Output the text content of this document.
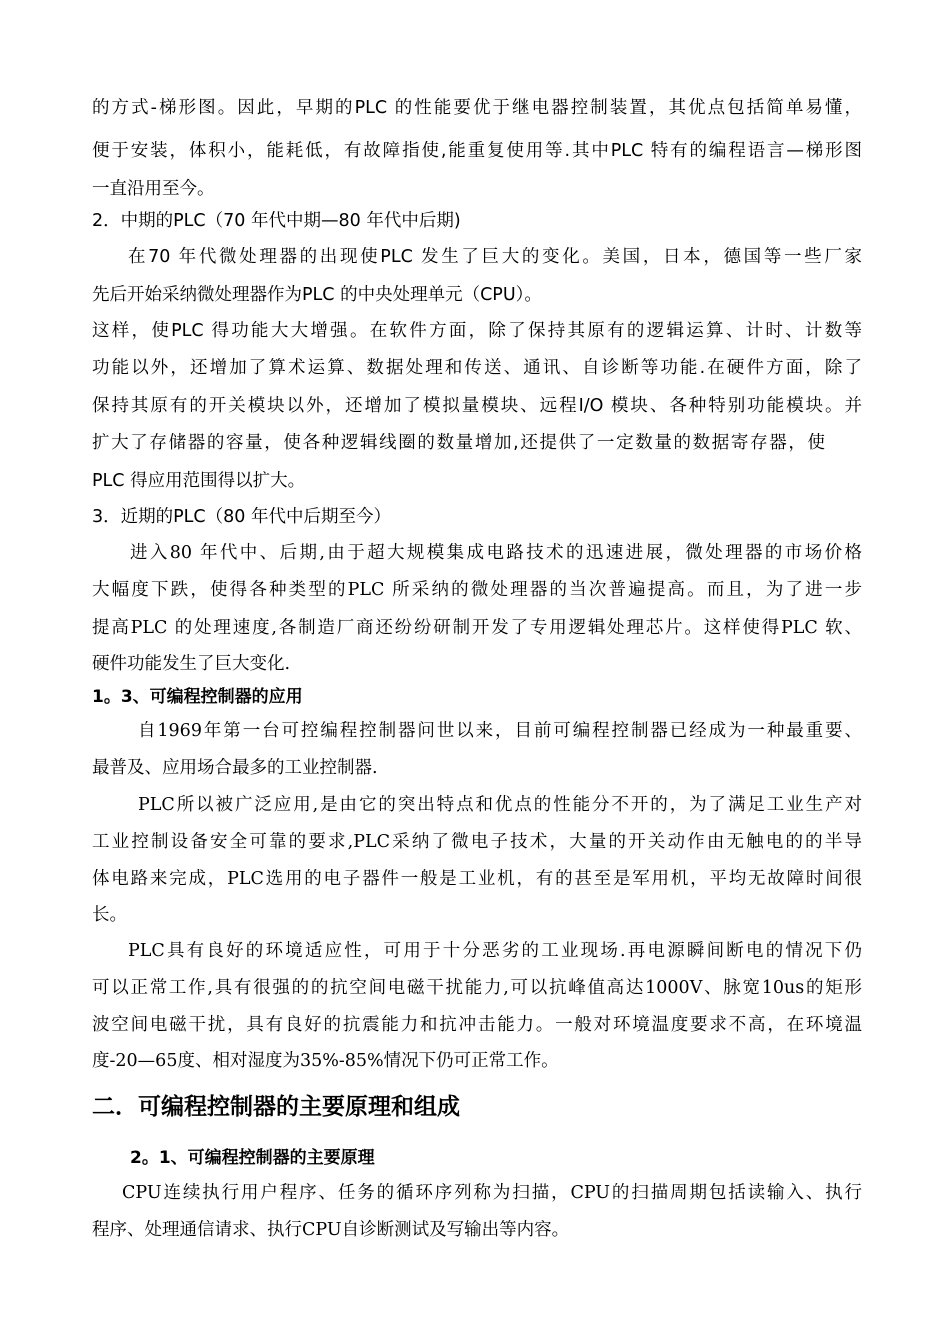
的方式-梯形图。因此，早期的PLC 的性能要优于继电器控制装置，其优点包括简单易懂，
便于安装，体积小，能耗低，有故障指使,能重复使用等.其中PLC 特有的编程语言—梯形图
一直沿用至今。
2．中期的PLC（70 年代中期—80 年代中后期)
在70 年代微处理器的出现使PLC 发生了巨大的变化。美国，日本，德国等一些厂家
先后开始采纳微处理器作为PLC 的中央处理单元（CPU）。
这样，使PLC 得功能大大增强。在软件方面，除了保持其原有的逻辑运算、计时、计数等
功能以外，还增加了算术运算、数据处理和传送、通讯、自诊断等功能.在硬件方面，除了
保持其原有的开关模块以外，还增加了模拟量模块、远程I/O 模块、各种特别功能模块。并
扩大了存储器的容量，使各种逻辑线圈的数量增加,还提供了一定数量的数据寄存器，使
PLC 得应用范围得以扩大。
3．近期的PLC（80 年代中后期至今）
进入80 年代中、后期,由于超大规模集成电路技术的迅速进展，微处理器的市场价格
大幅度下跌，使得各种类型的PLC 所采纳的微处理器的当次普遍提高。而且，为了进一步
提高PLC 的处理速度,各制造厂商还纷纷研制开发了专用逻辑处理芯片。这样使得PLC 软、
硬件功能发生了巨大变化.
1。3、可编程控制器的应用
自1969年第一台可控编程控制器问世以来，目前可编程控制器已经成为一种最重要、
最普及、应用场合最多的工业控制器.
PLC所以被广泛应用,是由它的突出特点和优点的性能分不开的，为了满足工业生产对
工业控制设备安全可靠的要求,PLC采纳了微电子技术，大量的开关动作由无触电的的半导
体电路来完成，PLC选用的电子器件一般是工业机，有的甚至是军用机，平均无故障时间很
长。
PLC具有良好的环境适应性，可用于十分恶劣的工业现场.再电源瞬间断电的情况下仍
可以正常工作,具有很强的的抗空间电磁干扰能力,可以抗峰值高达1000V、脉宽10us的矩形
波空间电磁干扰，具有良好的抗震能力和抗冲击能力。一般对环境温度要求不高，在环境温
度-20—65度、相对湿度为35%-85%情况下仍可正常工作。
二．可编程控制器的主要原理和组成
2。1、可编程控制器的主要原理
CPU连续执行用户程序、任务的循环序列称为扫描，CPU的扫描周期包括读输入、执行
程序、处理通信请求、执行CPU自诊断测试及写输出等内容。
